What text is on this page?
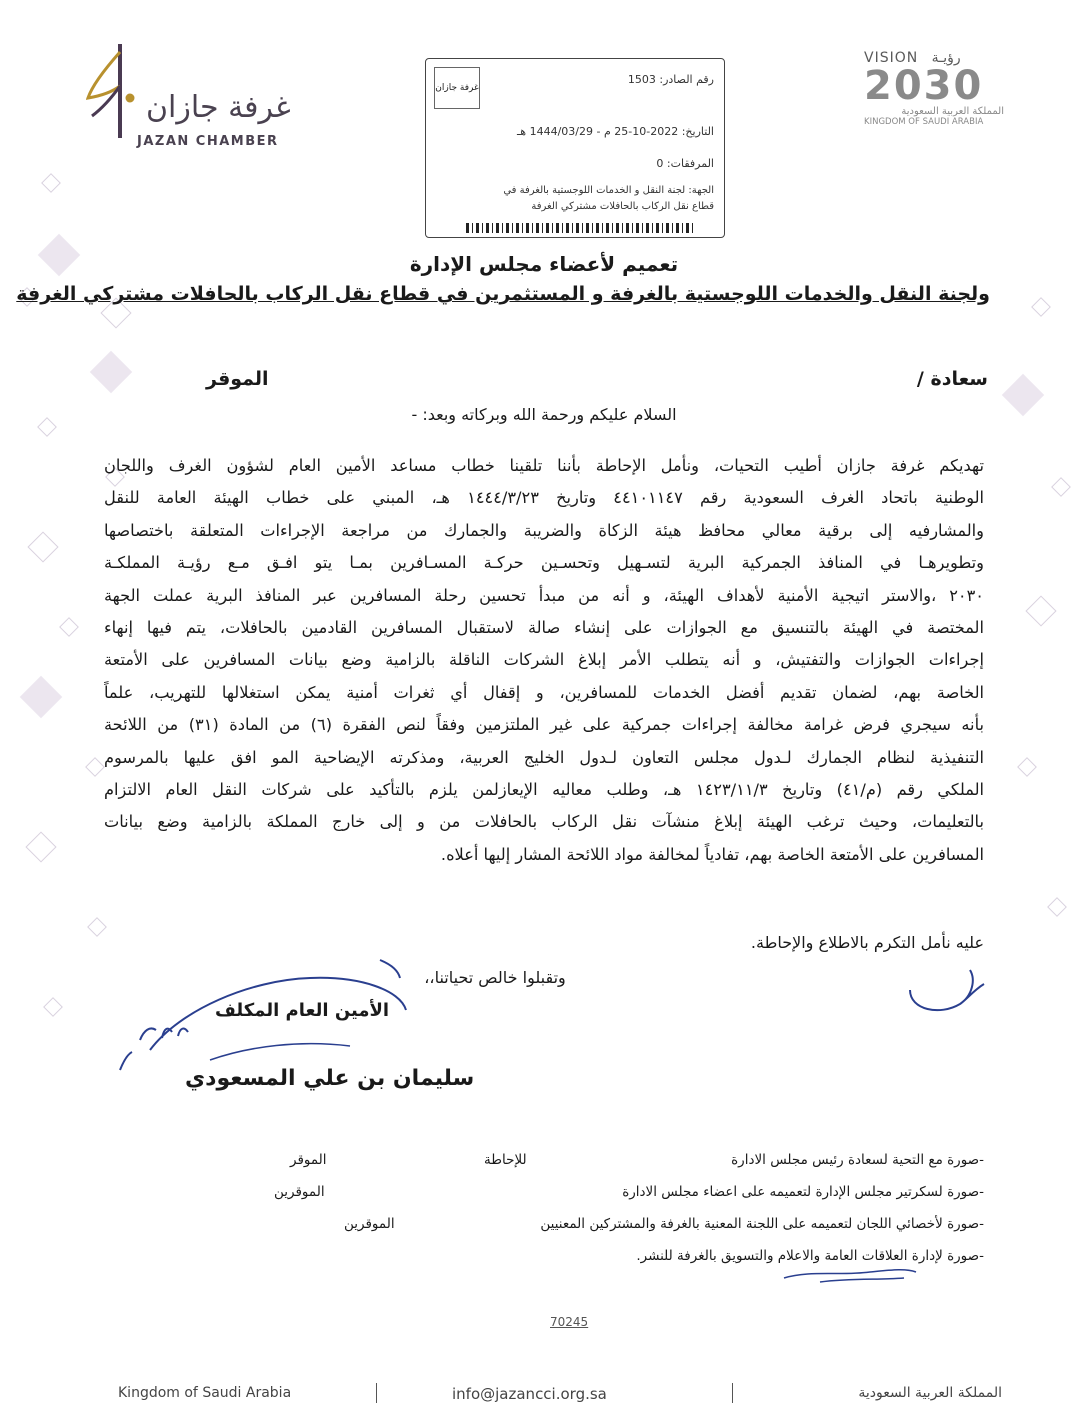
غرفة جازان
JAZAN CHAMBER
VISION رؤيـة
2030
المملكة العربية السعودية
KINGDOM OF SAUDI ARABIA
غرفة جازان
رقم الصادر: 1503
التاريخ: 2022-10-25 م - 1444/03/29 هـ
المرفقات: 0
الجهة: لجنة النقل و الخدمات اللوجستية بالغرفة في
قطاع نقل الركاب بالحافلات مشتركي الغرفة
تعميم لأعضاء مجلس الإدارة
ولجنة النقل والخدمات اللوجستية بالغرفة و المستثمرين في قطاع نقل الركاب بالحافلات مشتركي الغرفة
سعادة /
الموقر
السلام عليكم ورحمة الله وبركاته وبعد: -
تهديكم غرفة جازان أطيب التحيات، ونأمل الإحاطة بأننا تلقينا خطاب مساعد الأمين العام لشؤون الغرف واللجان
الوطنية باتحاد الغرف السعودية رقم ٤٤١٠١١٤٧ وتاريخ ١٤٤٤/٣/٢٣ هـ، المبني على خطاب الهيئة العامة للنقل
والمشارفيه إلى برقية معالي محافظ هيئة الزكاة والضريبة والجمارك من مراجعة الإجراءات المتعلقة باختصاصها
وتطويرهـا في المنافذ الجمركية البرية لتسـهيل وتحسـين حركـة المسـافرين بمـا يتو افـق مـع رؤيـة المملكـة
٢٠٣٠ ،والاستر اتيجية الأمنية لأهداف الهيئة، و أنه من مبدأ تحسين رحلة المسافرين عبر المنافذ البرية عملت الجهة
المختصة في الهيئة بالتنسيق مع الجوازات على إنشاء صالة لاستقبال المسافرين القادمين بالحافلات، يتم فيها إنهاء
إجراءات الجوازات والتفتيش، و أنه يتطلب الأمر إبلاغ الشركات الناقلة بالزامية وضع بيانات المسافرين على الأمتعة
الخاصة بهم، لضمان تقديم أفضل الخدمات للمسافرين، و إقفال أي ثغرات أمنية يمكن استغلالها للتهريب، علماً
بأنه سيجري فرض غرامة مخالفة إجراءات جمركية على غير الملتزمين وفقاً لنص الفقرة (٦) من المادة (٣١) من اللائحة
التنفيذية لنظام الجمارك لـدول مجلس التعاون لـدول الخليج العربية، ومذكرته الإيضاحية المو افق عليها بالمرسوم
الملكي رقم (م/٤١) وتاريخ ١٤٢٣/١١/٣ هـ، وطلب معاليه الإيعازلمن يلزم بالتأكيد على شركات النقل العام الالتزام
بالتعليمات، وحيث ترغب الهيئة إبلاغ منشآت نقل الركاب بالحافلات من و إلى خارج المملكة بالزامية وضع بيانات
المسافرين على الأمتعة الخاصة بهم، تفادياً لمخالفة مواد اللائحة المشار إليها أعلاه.
عليه نأمل التكرم بالاطلاع والإحاطة.
وتقبلوا خالص تحياتنا،،
الأمين العام المكلف
سليمان بن علي المسعودي
-صورة مع التحية لسعادة رئيس مجلس الادارة
للإحاطة
الموقر
-صورة لسكرتير مجلس الإدارة لتعميمه على اعضاء مجلس الادارة
الموقرين
-صورة لأخصائي اللجان لتعميمه على اللجنة المعنية بالغرفة والمشتركين المعنيين
الموقرين
-صورة لإدارة العلاقات العامة والاعلام والتسويق بالغرفة للنشر.
70245
Kingdom of Saudi Arabia	info@jazancci.org.sa	المملكة العربية السعودية
